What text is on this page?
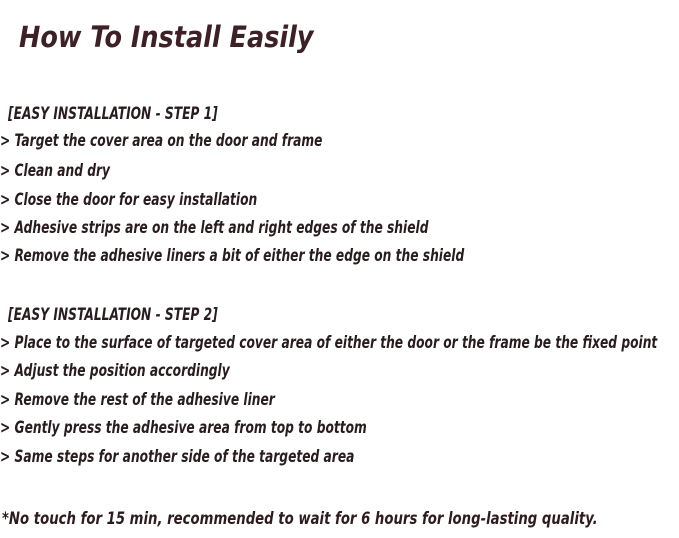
How To Install Easily

[EASY INSTALLATION - STEP 1]

> Target the cover area on the door and frame

> Clean and dry

> Close the door for easy installation

> Adhesive strips are on the left and right edges of the shield

> Remove the adhesive liners a bit of either the edge on the shield

[EASY INSTALLATION - STEP 2]

> Place to the surface of targeted cover area of either the door or the frame be the fixed point

> Adjust the position accordingly

> Remove the rest of the adhesive liner

> Gently press the adhesive area from top to bottom

> Same steps for another side of the targeted area

*No touch for 15 min, recommended to wait for 6 hours for long-lasting quality.
